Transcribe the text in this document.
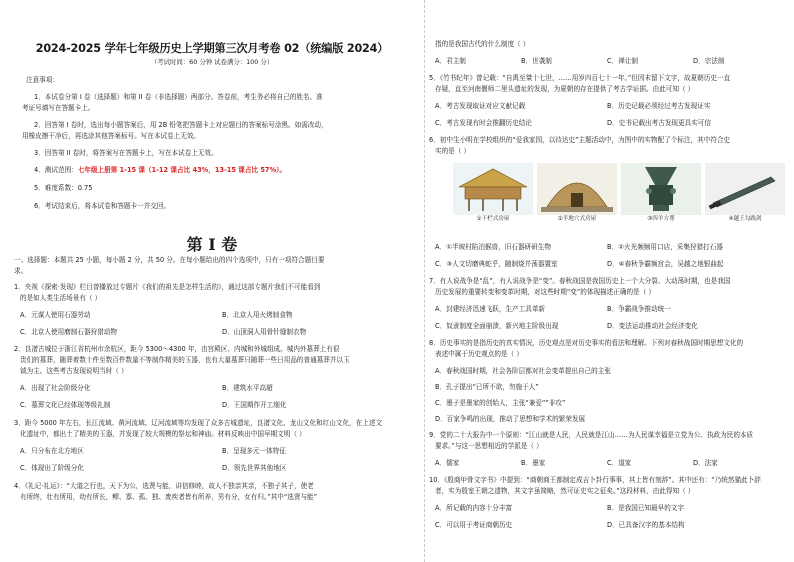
2024-2025 学年七年级历史上学期第三次月考卷 02（统编版 2024）
（考试时间：60 分钟 试卷满分：100 分）
注意事项：
1．本试卷分第 I 卷（选择题）和第 II 卷（非选择题）两部分。答卷前，考生务必将自己的姓名、准
考证号填写在答题卡上。
2．回答第 I 卷时，选出每小题答案后，用 2B 铅笔把答题卡上对应题目的答案标号涂黑。如需改动，
用橡皮擦干净后，再选涂其他答案标号。写在本试卷上无效。
3．回答第 II 卷时，将答案写在答题卡上，写在本试卷上无效。
4．测试范围：七年级上册第 1-15 课（1-12 课占比 43%，13-15 课占比 57%）。
5．难度系数：0.75
6．考试结束后，将本试卷和答题卡一并交回。
第 I 卷
一、选择题：本题共 25 小题，每小题 2 分，共 50 分。在每小题给出的四个选项中，只有一项符合题目要
求。
1．央视《探索·发现》栏目曾播放过专题片《我们的祖先是怎样生活的》，通过这部专题片我们不可能看到
的是如人类生活场景有（ ）
A．元谋人使用石器劳动	B．北京人用火烤制食物
C．北京人使用磨制石器狩猎动物	D．山顶洞人用骨针缝制衣物
2．良渚古城位于浙江省杭州市余杭区，距今 5300～4300 年，由宫殿区、内城和外城组成。城内外墓葬上有很
贵们的墓葬，随葬着数十件至数百件数量不等制作精美的玉器，也有大量墓葬只随葬一些日用品的普通墓葬并以玉
钺为主。这些考古发现说明当时（ ）
A．出现了社会阶级分化	B．建筑水平高超
C．墓葬文化已经体现等级礼制	D．王国期作开工细化
3．距今 5000 年左右，长江流域、黄河流域、辽河流域等均发现了众多古城遗址，良渚文化、龙山文化和红山文化，在上述文
化遗址中，都出土了精美的玉器，并发现了较大规模的祭坛和神庙。材料反映出中国早期文明（ ）
A．只分布在北方地区	B．呈现多元一体特征
C．体现出了阶级分化	D．领先世界其他地区
4．《礼记·礼运》：“大道之行也，天下为公，选贤与能，讲信修睦，故人不独亲其亲，不独子其子，使老
有所终，壮有所用，幼有所长，鳏、寡、孤、独、废疾者皆有所养，男有分，女有归。”其中“选贤与能”
指的是我国古代的什么制度（ ）
A．君主制	B．世袭制	C．禅让制	D．宗法制
5．《竹书纪年》曾记载：“自禹至桀十七世，……用岁四百七十一年。”但因末留下文字，故夏朝历史一直
存疑，直至河南偃师二里头遗址的发现，为夏朝的存在提供了考古学证据。由此可知（ ）
A．考古发现取证对应文献记载	B．历史记载必须经过考古发现证实
C．考古发现有时会推翻历史结论	D．史书记载出考古发现更具实可信
6．初中生小明在学校组织的“爱我家园，以待达史”主题活动中，为图中的实物配了个标注，其中符合史
实的是（ ）
①干栏式房屋	②半地穴式房屋	③四羊方尊	④越王勾践剑
A．①半坡村陷泊猴兽，旧石器研研生物	B．②火光频频用口店，采集狩猎打石器
C．③人文切磨典蛇乎，随制烧并荡器置室	D．④春秋争霸频宫会，吴越之地银曲起
7．有人说战争是“乱”，有人说战争是“变”。春秋战国是我国历史上一个大分裂、大动荡时期，也是我国
历史发展的重要转变和变革时期，对这些时期“变”的体现描述正确的是（ ）
A．封建经济迅速飞跃，生产工具革新	B．争霸战争推动统一
C．奴隶制度全面崩溃，新兴地主阶级出现	D．变法运动推动社会经济变化
8．历史事实的是指历史的真实情况，历史观点是对历史事实的看法和理解。下列对春秋战国时期思想文化的
表述中属于历史观点的是（ ）
A．春秋战国时期，社会各阶层都对社会变革提出自己的主张
B．孔子提出“已所不欲，勿施于人”
C．墨子是墨家的创始人，主张“兼爱”“非攻”
D．百家争鸣的出现，推动了思想和学术的繁荣发展
9．党的二十大报告中一个原则：“江山就是人民，人民就是江山……为人民谋幸福是立党为公、执政为民的本质
要求。”与这一思想相近的学派是（ ）
A．儒家	B．墨家	C．道家	D．法家
10．《殷商甲骨文字书》中提到：“商朝商王都制定成吉卜卦行事事，其上皆有刻辞”。其中还有：“乃统然猫此卜辞
者，实为殷室王朝之遗物，其文字虽简略，然可证史实之征矣。”这段材料，由此得知（ ）
A．所记载的内容十分丰富	B．是我国已知最早的文字
C．可以用于考证商朝历史	D．已具备汉字的基本结构
